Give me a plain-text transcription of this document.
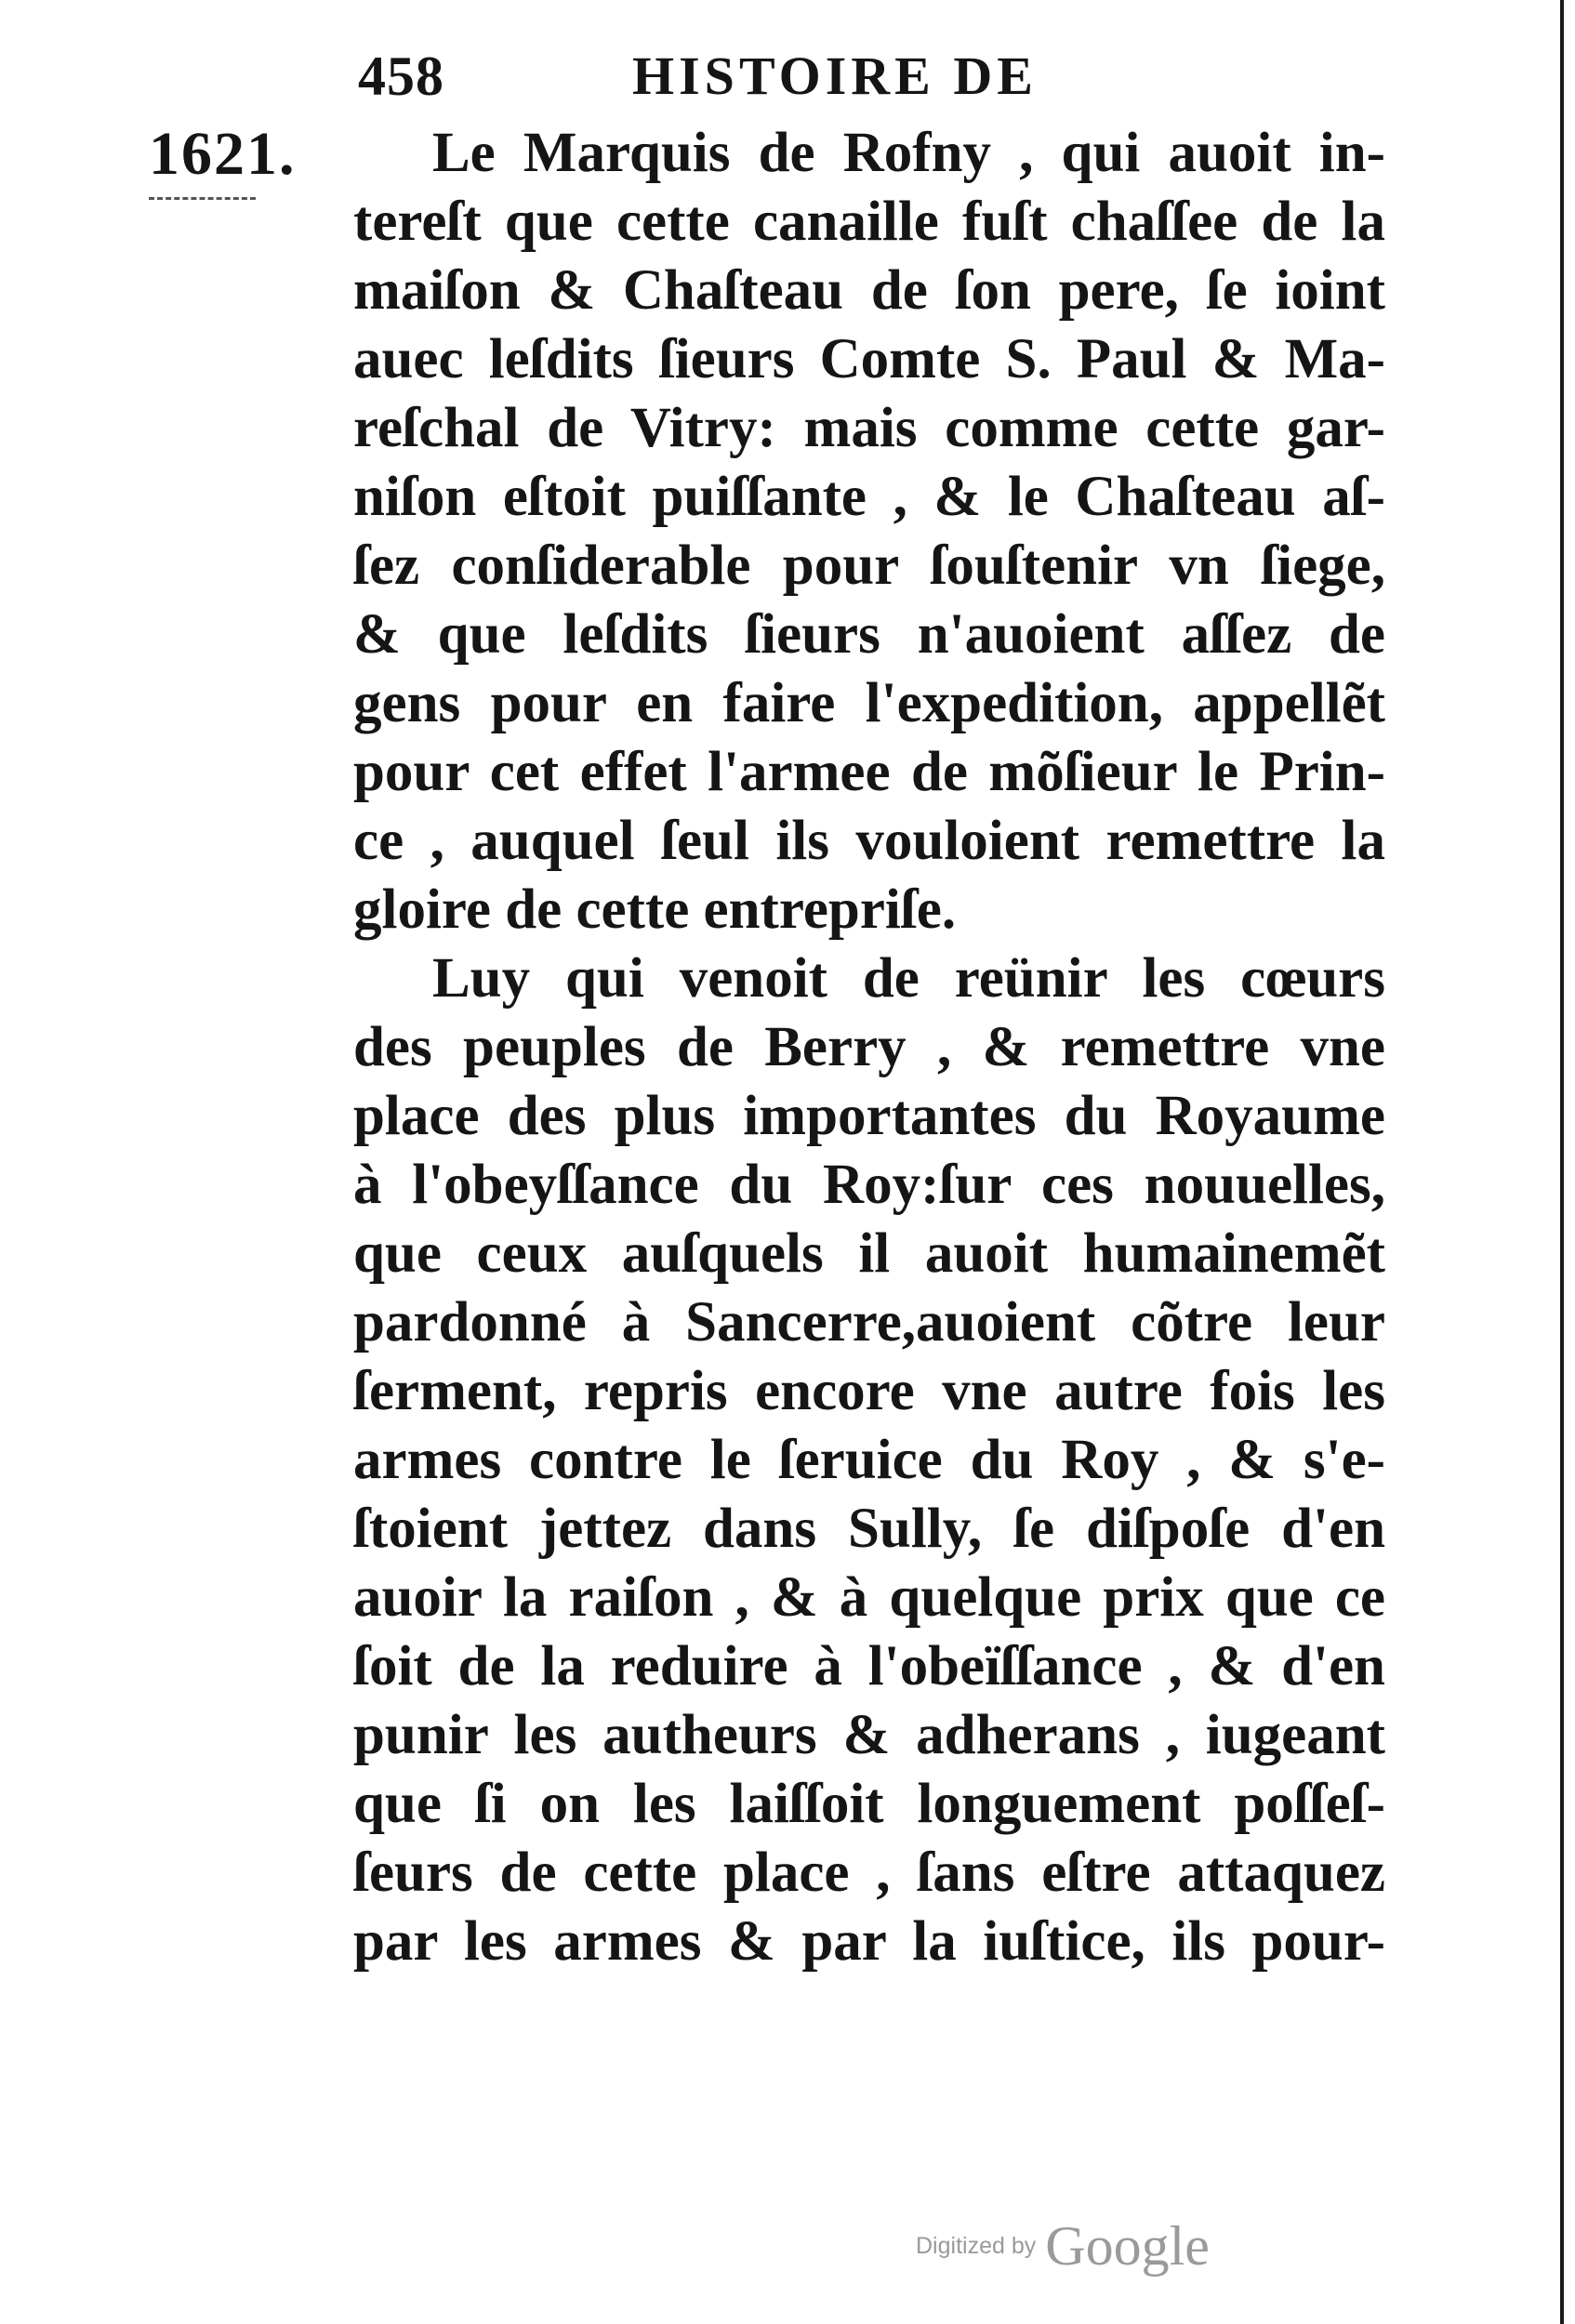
458	HISTOIRE DE
1621.	Le Marquis de Rofny , qui auoit in-
tereſt que cette canaille fuſt chaſſee de la
maiſon & Chaſteau de ſon pere, ſe ioint
auec leſdits ſieurs Comte S. Paul & Ma-
reſchal de Vitry: mais comme cette gar-
niſon eſtoit puiſſante , & le Chaſteau aſ-
ſez conſiderable pour ſouſtenir vn ſiege,
& que leſdits ſieurs n'auoient aſſez de
gens pour en faire l'expedition, appellẽt
pour cet effet l'armee de mõſieur le Prin-
ce , auquel ſeul ils vouloient remettre la
gloire de cette entrepriſe.
Luy qui venoit de reünir les cœurs
des peuples de Berry , & remettre vne
place des plus importantes du Royaume
à l'obeyſſance du Roy:ſur ces nouuelles,
que ceux auſquels il auoit humainemẽt
pardonné à Sancerre,auoient cõtre leur
ſerment, repris encore vne autre fois les
armes contre le ſeruice du Roy , & s'e-
ſtoient jettez dans Sully, ſe diſpoſe d'en
auoir la raiſon , & à quelque prix que ce
ſoit de la reduire à l'obeïſſance , & d'en
punir les autheurs & adherans , iugeant
que ſi on les laiſſoit longuement poſſeſ-
ſeurs de cette place , ſans eſtre attaquez
par les armes & par la iuſtice, ils pour-
Digitized by Google
